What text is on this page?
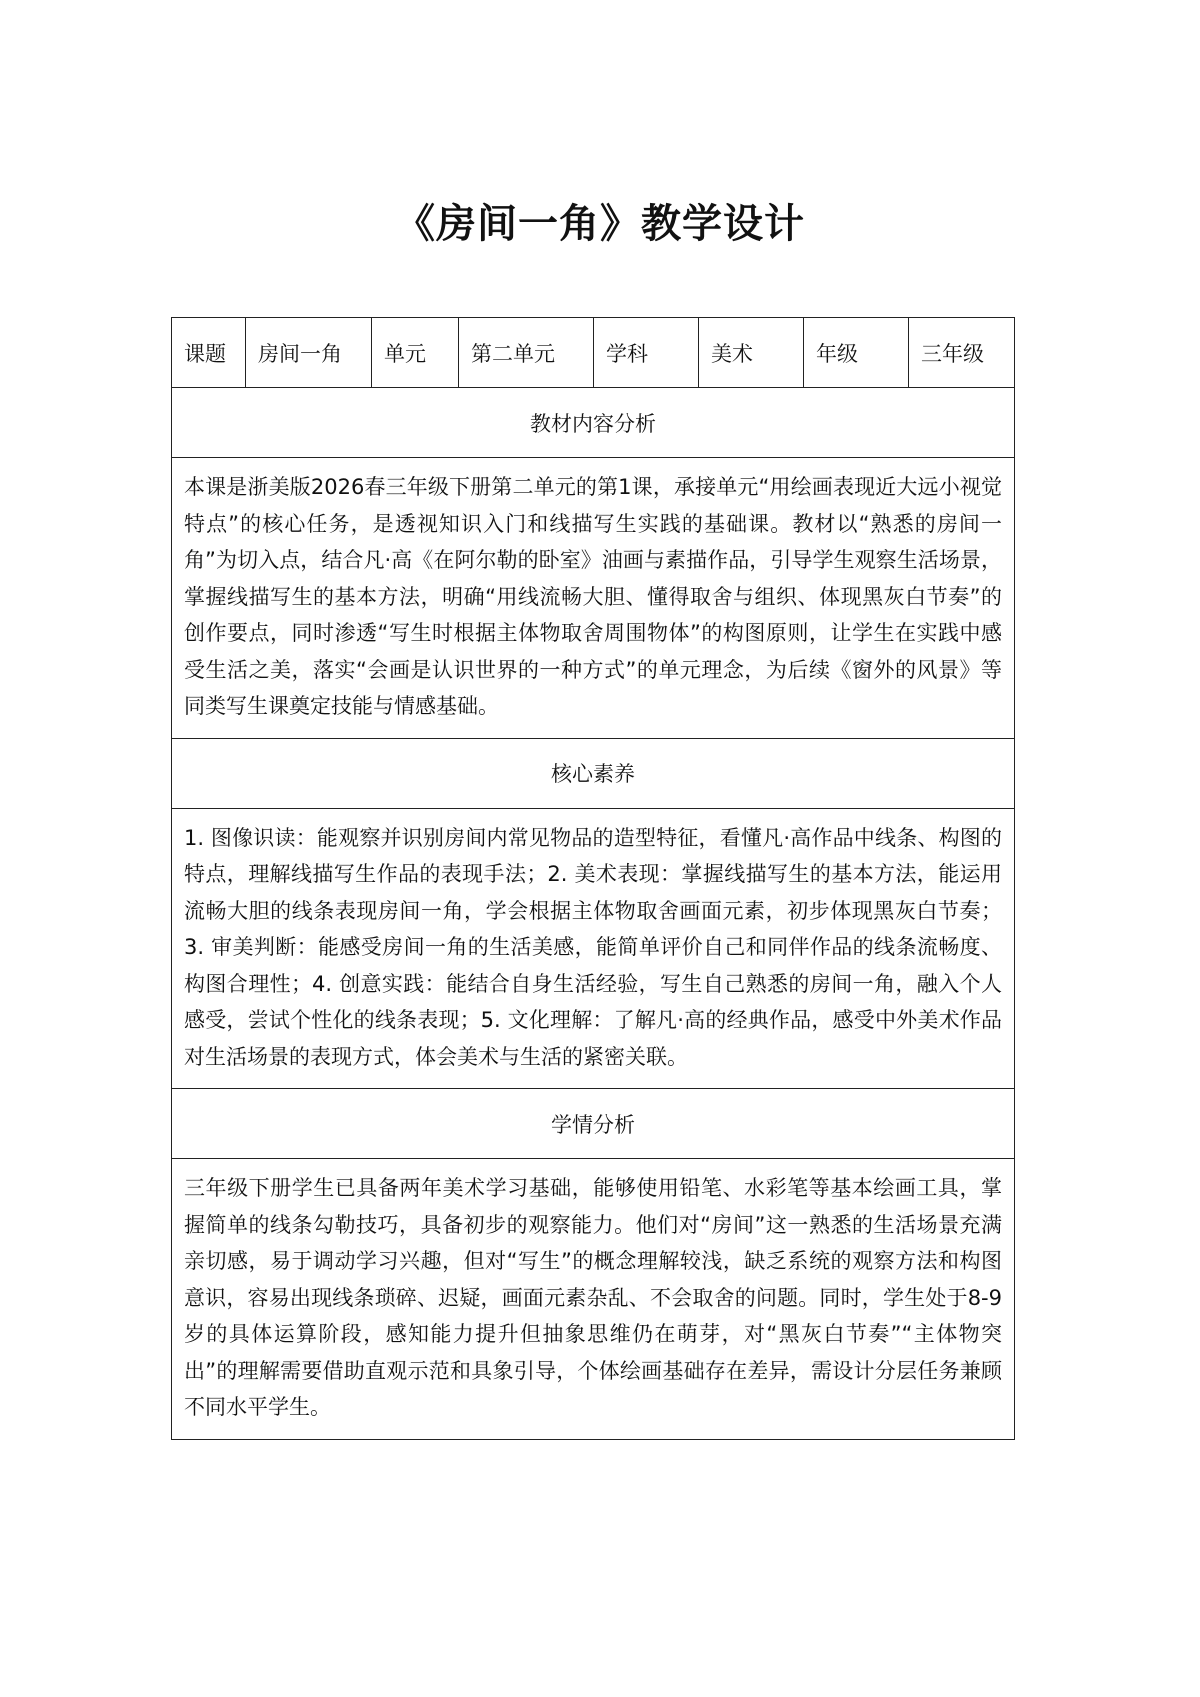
《房间一角》教学设计
课题	房间一角	单元	第二单元	学科	美术	年级	三年级
教材内容分析
本课是浙美版2026春三年级下册第二单元的第1课，承接单元“用绘画表现近大远小视觉特点”的核心任务，是透视知识入门和线描写生实践的基础课。教材以“熟悉的房间一角”为切入点，结合凡·高《在阿尔勒的卧室》油画与素描作品，引导学生观察生活场景，掌握线描写生的基本方法，明确“用线流畅大胆、懂得取舍与组织、体现黑灰白节奏”的创作要点，同时渗透“写生时根据主体物取舍周围物体”的构图原则，让学生在实践中感受生活之美，落实“会画是认识世界的一种方式”的单元理念，为后续《窗外的风景》等同类写生课奠定技能与情感基础。
核心素养
1. 图像识读：能观察并识别房间内常见物品的造型特征，看懂凡·高作品中线条、构图的特点，理解线描写生作品的表现手法；2. 美术表现：掌握线描写生的基本方法，能运用流畅大胆的线条表现房间一角，学会根据主体物取舍画面元素，初步体现黑灰白节奏；3. 审美判断：能感受房间一角的生活美感，能简单评价自己和同伴作品的线条流畅度、构图合理性；4. 创意实践：能结合自身生活经验，写生自己熟悉的房间一角，融入个人感受，尝试个性化的线条表现；5. 文化理解：了解凡·高的经典作品，感受中外美术作品对生活场景的表现方式，体会美术与生活的紧密关联。
学情分析
三年级下册学生已具备两年美术学习基础，能够使用铅笔、水彩笔等基本绘画工具，掌握简单的线条勾勒技巧，具备初步的观察能力。他们对“房间”这一熟悉的生活场景充满亲切感，易于调动学习兴趣，但对“写生”的概念理解较浅，缺乏系统的观察方法和构图意识，容易出现线条琐碎、迟疑，画面元素杂乱、不会取舍的问题。同时，学生处于8-9岁的具体运算阶段，感知能力提升但抽象思维仍在萌芽，对“黑灰白节奏”“主体物突出”的理解需要借助直观示范和具象引导，个体绘画基础存在差异，需设计分层任务兼顾不同水平学生。
